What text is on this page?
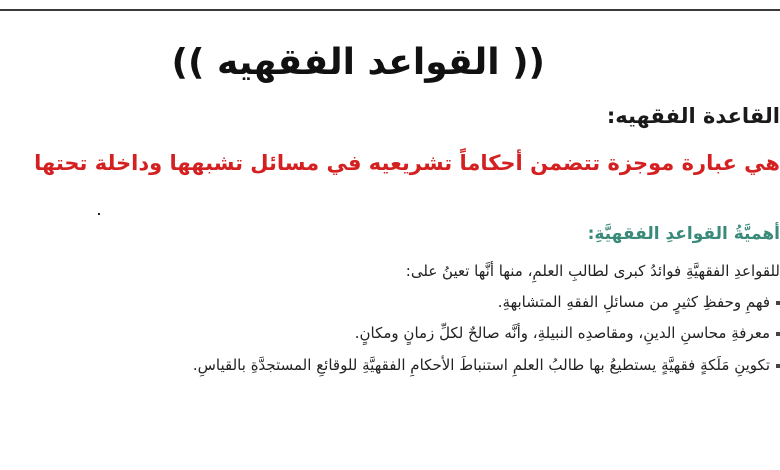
(( القواعد الفقهيه ))
القاعدة الفقهيه:
هي عبارة موجزة تتضمن أحكاماً تشريعيه في مسائل تشبهها وداخلة تحتها
أهميَّةُ القواعدِ الفقهيَّةِ:
للقواعدِ الفقهيَّةِ فوائدُ كبرى لطالبِ العلمِ، منها أنَّها تعينُ على:
فهمِ وحفظِ كثيرٍ من مسائلِ الفقهِ المتشابهةِ.
معرفةِ محاسنِ الدينِ، ومقاصدِه النبيلةِ، وأنَّه صالحٌ لكلِّ زمانٍ ومكانٍ.
تكوينِ مَلَكةٍ فقهيَّةٍ يستطيعُ بها طالبُ العلمِ استنباطَ الأحكامِ الفقهيَّةِ للوقائعِ المستجدَّةِ بالقياسِ.
